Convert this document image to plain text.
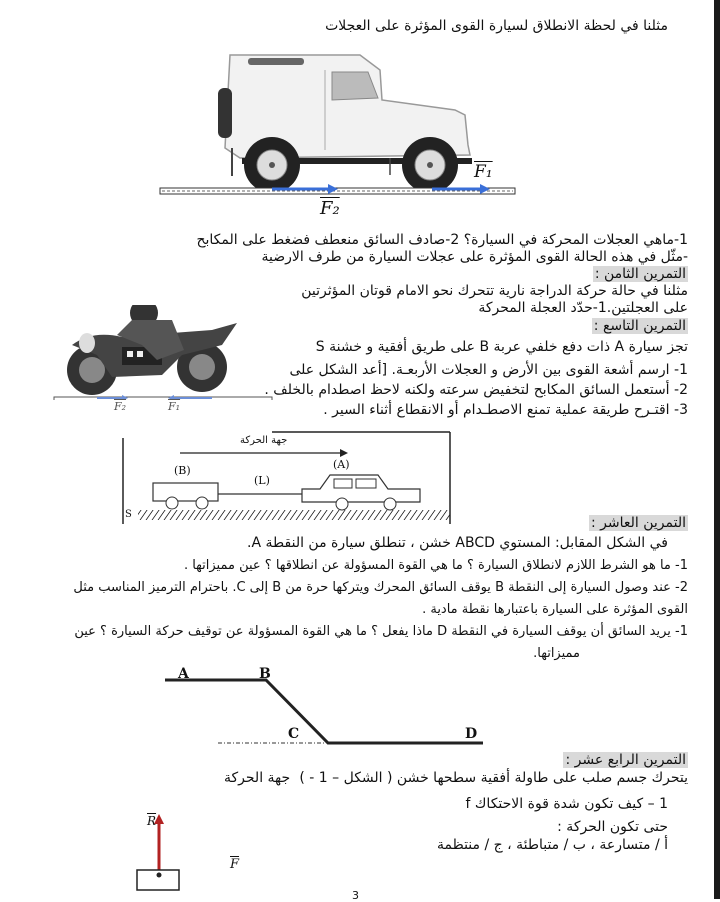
مثلنا في لحظة الانطلاق لسيارة القوى المؤثرة على العجلات
F₁
F₂
1-ماهي العجلات المحركة في السيارة؟ 2-صادف السائق منعطف فضغط على المكابح
-مثّل في هذه الحالة القوى المؤثرة على عجلات السيارة من طرف الارضية
التمرين الثامن :
مثلنا في حالة حركة الدراجة نارية تتحرك نحو الامام قوتان المؤثرتين
على العجلتين.1-حدّد العجلة المحركة
F₂	F₁
التمرين التاسع :
تجز سيارة A ذات دفع خلفي عربة B على طريق أفقية و خشنة S
1- ارسم أشعة القوى بين الأرض و العجلات الأربعـة. [أعد الشكل على
2- أستعمل السائق المكابح لتخفيض سرعته ولكنه لاحظ اصطدام بالخلف .
3- اقتـرح طريقة عملية تمنع الاصطـدام أو الانقطاع أثناء السير .
جهة الحركة
(A)
(B)
(L)
S
التمرين العاشر :
في الشكل المقابل: المستوي ABCD خشن ، تنطلق سيارة من النقطة A.
1- ما هو الشرط اللازم لانطلاق السيارة ؟ ما هي القوة المسؤولة عن انطلاقها ؟ عين مميزاتها .
2- عند وصول السيارة إلى النقطة B يوقف السائق المحرك ويتركها حرة من B إلى C. باحترام الترميز المناسب مثل
القوى المؤثرة على السيارة باعتبارها نقطة مادية .
1- يريد السائق أن يوقف السيارة في النقطة D ماذا يفعل ؟ ما هي القوة المسؤولة عن توقيف حركة السيارة ؟ عين
مميزاتها.
A	B
C	D
التمرين الرابع عشر :
يتحرك جسم صلب على طاولة أفقية سطحها خشن ( الشكل – 1 - )
جهة الحركة
1 – كيف تكون شدة قوة الاحتكاك f
حتى تكون الحركة :
أ / متسارعة ، ب / متباطئة ، ج / منتظمة
$\overline{R}$
$\overline{F}$
3
